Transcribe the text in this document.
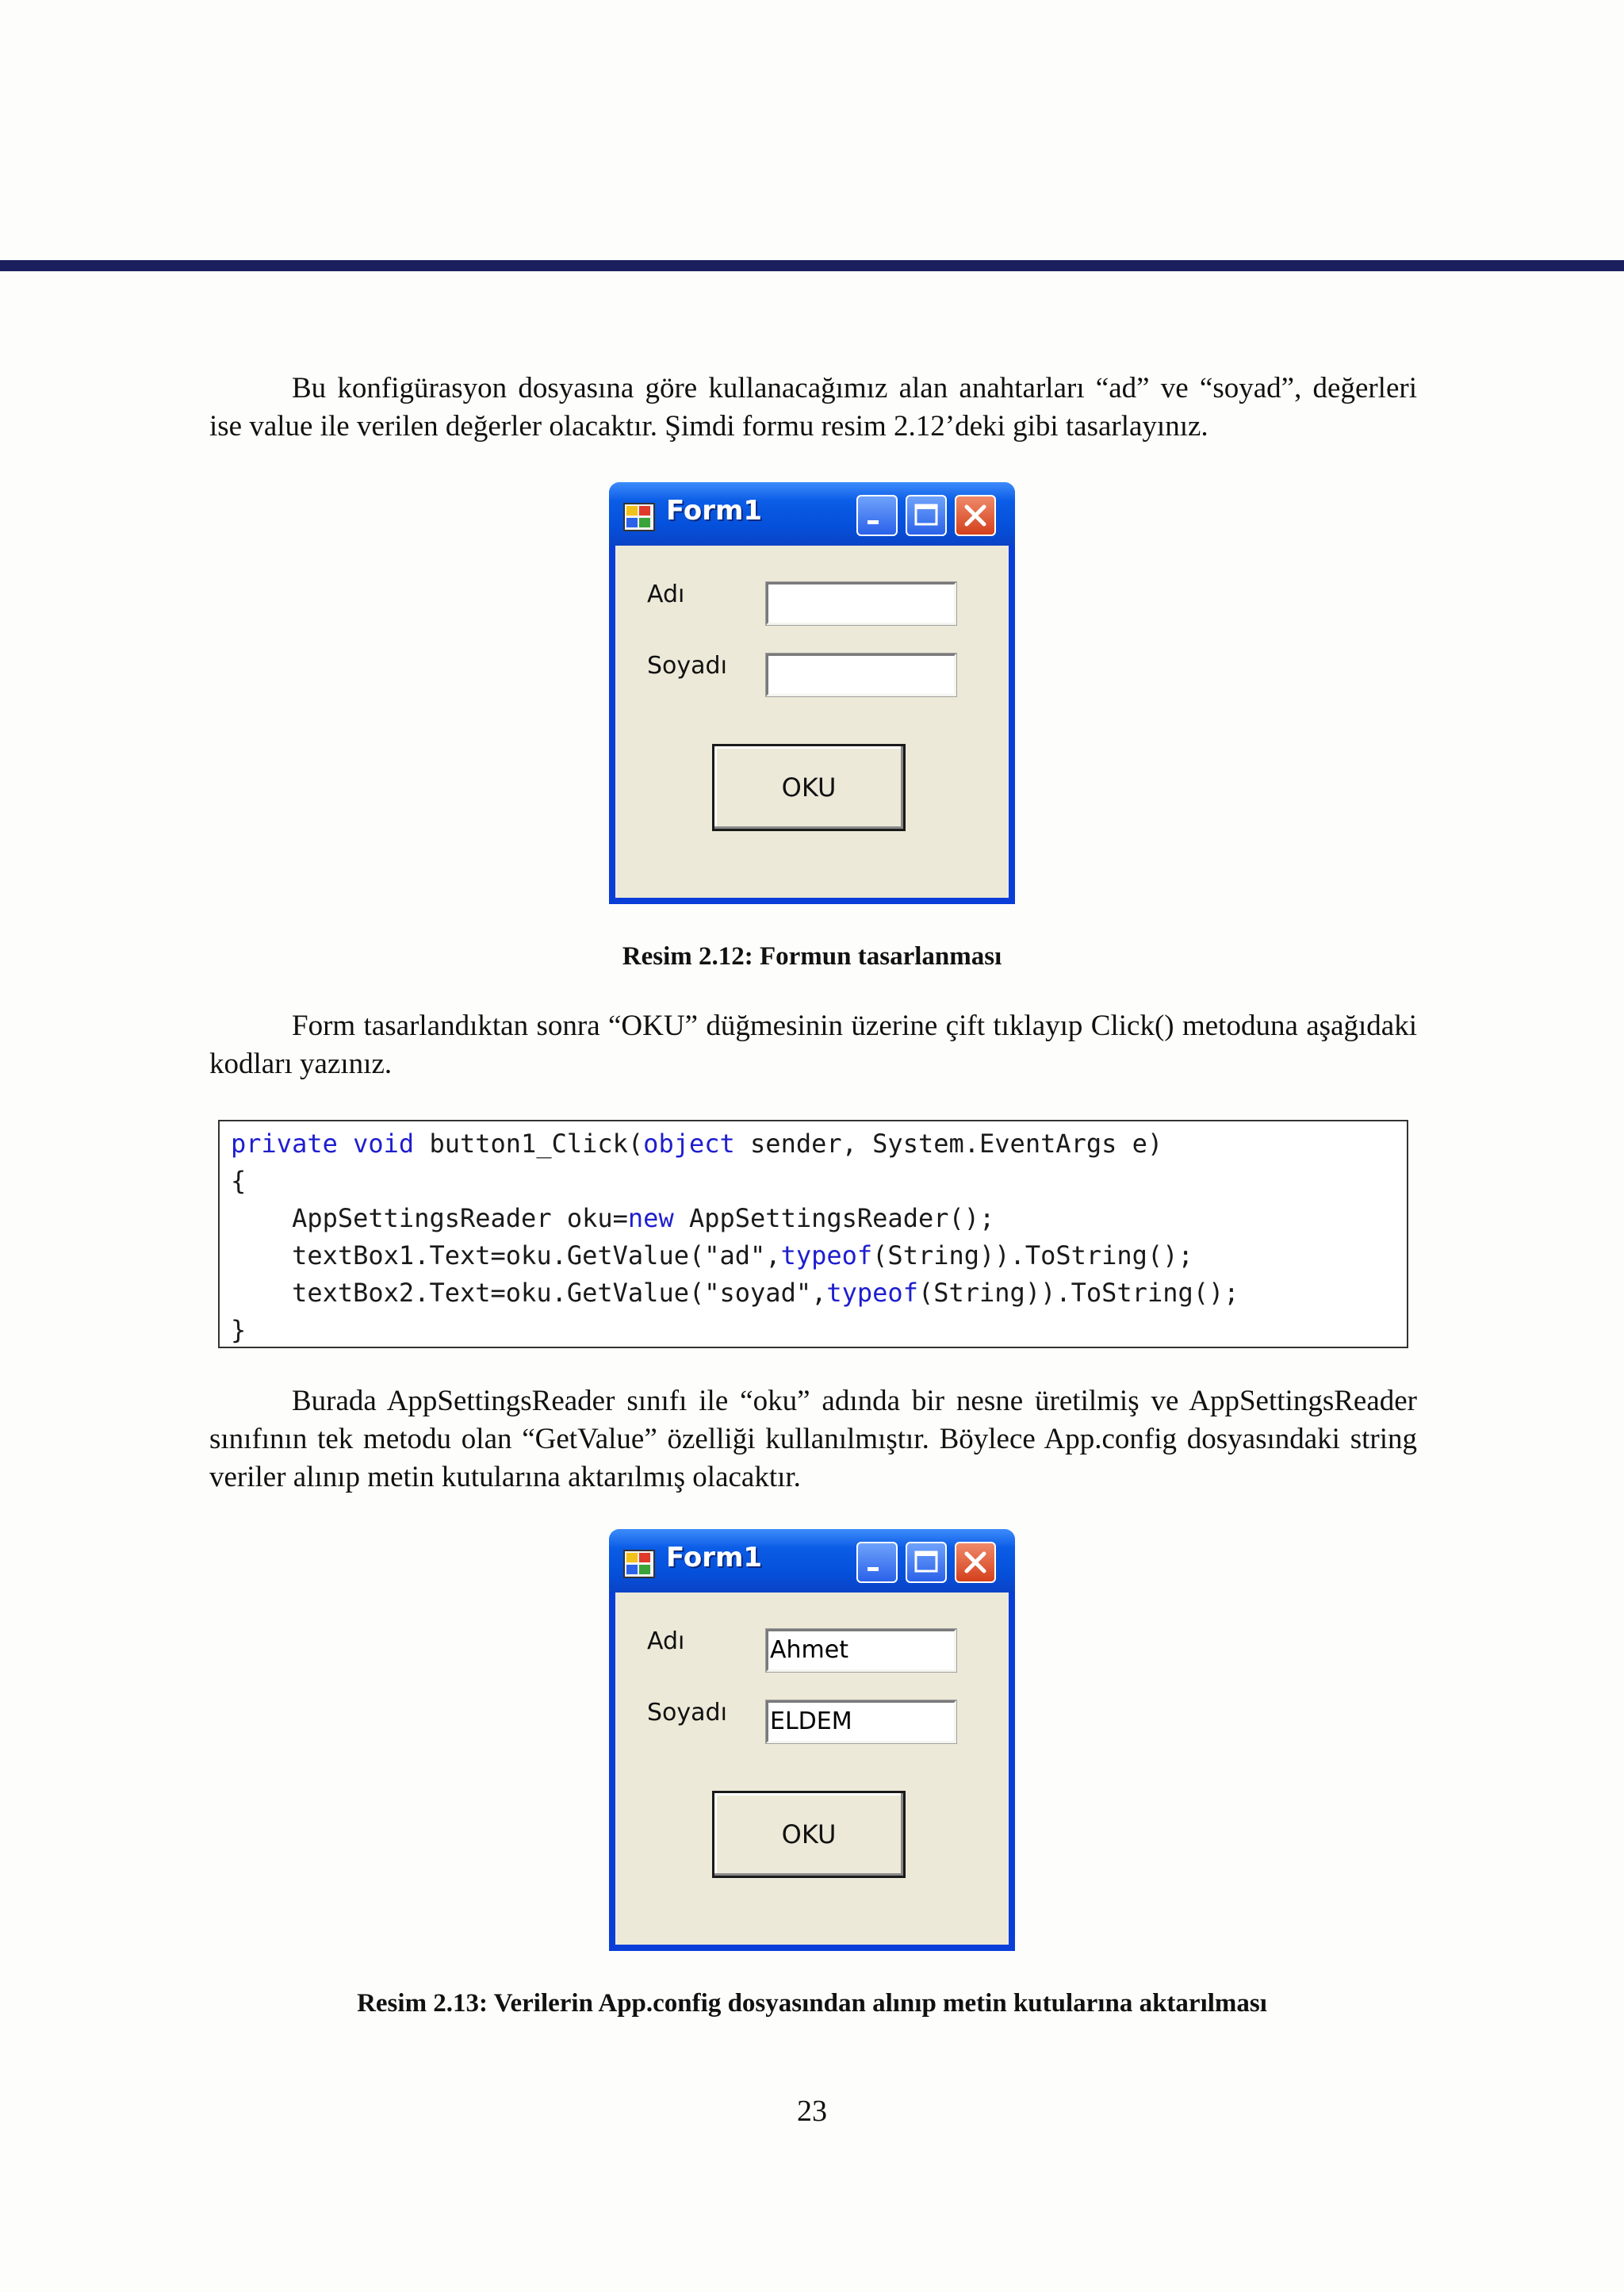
Bu konfigürasyon dosyasına göre kullanacağımız alan anahtarları “ad” ve “soyad”, değerleri ise value ile verilen değerler olacaktır. Şimdi formu resim 2.12’deki gibi tasarlayınız.

Form1
Adı
Soyadı
OKU

Resim 2.12: Formun tasarlanması

Form tasarlandıktan sonra “OKU” düğmesinin üzerine çift tıklayıp Click() metoduna aşağıdaki kodları yazınız.

private void button1_Click(object sender, System.EventArgs e)
{
AppSettingsReader oku=new AppSettingsReader();
textBox1.Text=oku.GetValue("ad",typeof(String)).ToString();
textBox2.Text=oku.GetValue("soyad",typeof(String)).ToString();
}

Burada AppSettingsReader sınıfı ile “oku” adında bir nesne üretilmiş ve AppSettingsReader sınıfının tek metodu olan “GetValue” özelliği kullanılmıştır. Böylece App.config dosyasındaki string veriler alınıp metin kutularına aktarılmış olacaktır.

Form1
Adı	Ahmet
Soyadı ELDEM
OKU

Resim 2.13: Verilerin App.config dosyasından alınıp metin kutularına aktarılması

23
